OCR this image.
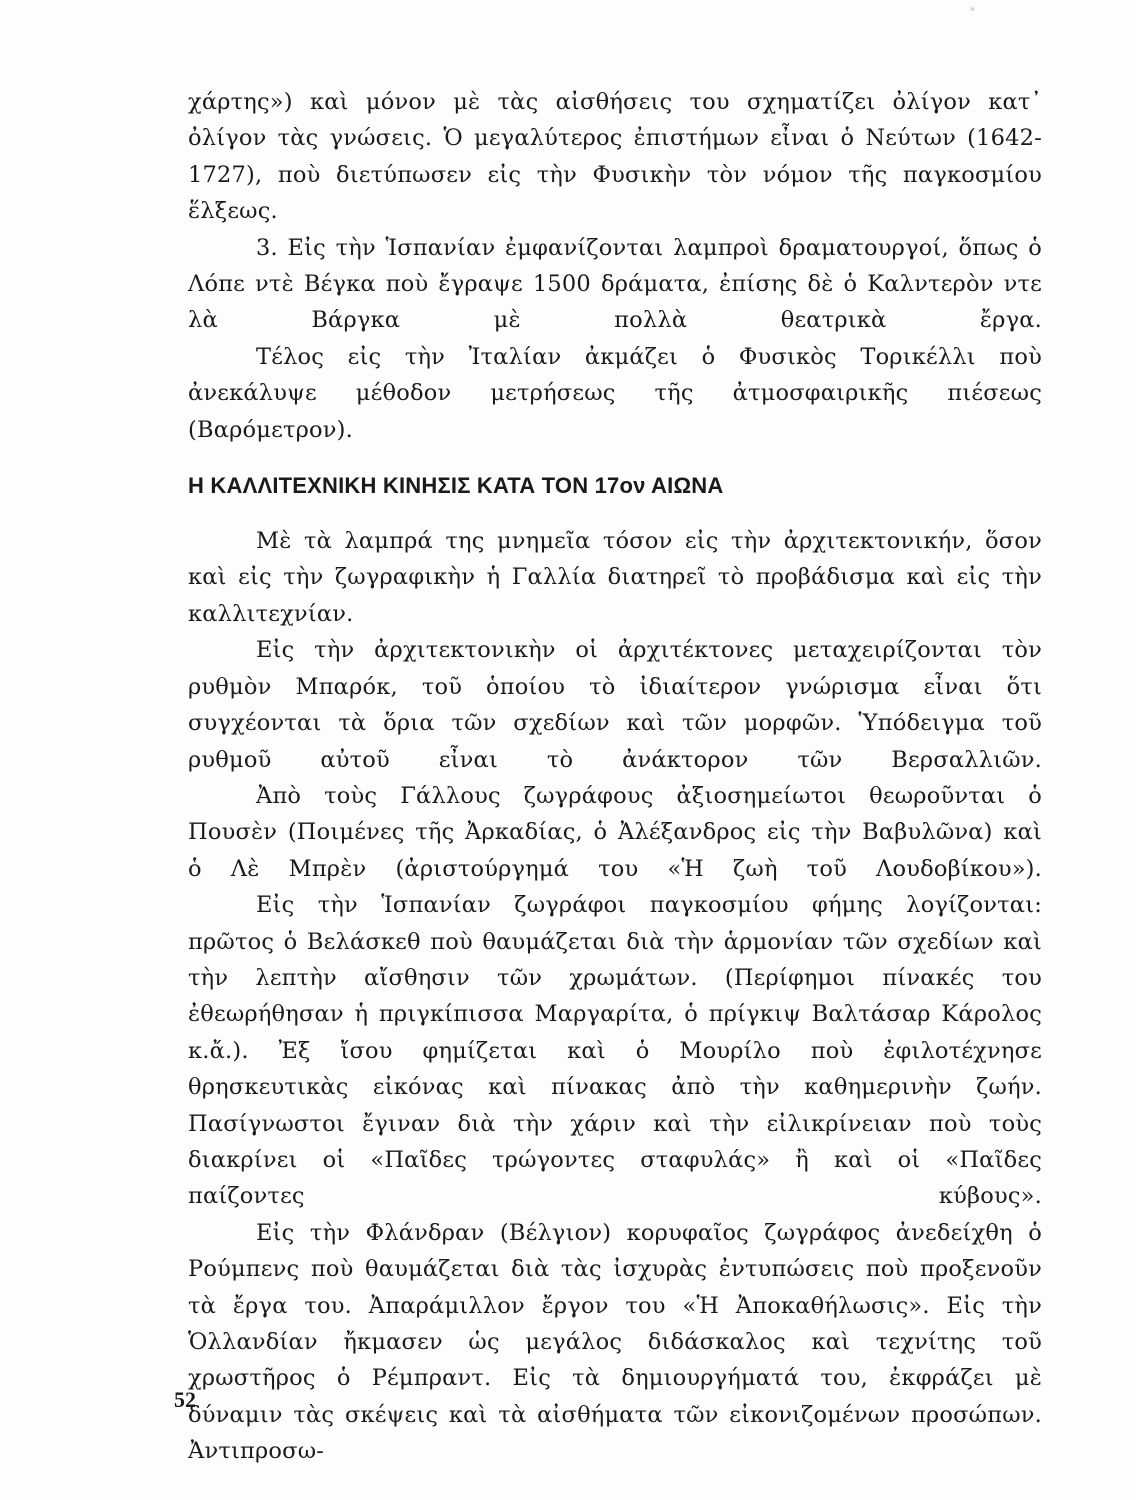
*

χάρτης») καὶ μόνον μὲ τὰς αἰσθήσεις του σχηματίζει ὀλίγον κατ᾿ ὀλίγον τὰς γνώσεις. Ὁ μεγαλύτερος ἐπιστήμων εἶναι ὁ Νεύτων (1642-1727), ποὺ διετύπωσεν εἰς τὴν Φυσικὴν τὸν νόμον τῆς παγκοσμίου ἕλξεως.

3. Εἰς τὴν Ἱσπανίαν ἐμφανίζονται λαμπροὶ δραματουργοί, ὅπως ὁ Λόπε ντὲ Βέγκα ποὺ ἔγραψε 1500 δράματα, ἐπίσης δὲ ὁ Καλντερὸν ντε λὰ Βάργκα μὲ πολλὰ θεατρικὰ ἔργα.

Τέλος εἰς τὴν Ἰταλίαν ἀκμάζει ὁ Φυσικὸς Τορικέλλι ποὺ ἀνεκάλυψε μέθοδον μετρήσεως τῆς ἀτμοσφαιρικῆς πιέσεως (Βαρόμετρον).

Η ΚΑΛΛΙΤΕΧΝΙΚΗ ΚΙΝΗΣΙΣ ΚΑΤΑ ΤΟΝ 17ον ΑΙΩΝΑ

Μὲ τὰ λαμπρά της μνημεῖα τόσον εἰς τὴν ἀρχιτεκτονικήν, ὅσον καὶ εἰς τὴν ζωγραφικὴν ἡ Γαλλία διατηρεῖ τὸ προβάδισμα καὶ εἰς τὴν καλλιτεχνίαν.

Εἰς τὴν ἀρχιτεκτονικὴν οἱ ἀρχιτέκτονες μεταχειρίζονται τὸν ρυθμὸν Μπαρόκ, τοῦ ὁποίου τὸ ἰδιαίτερον γνώρισμα εἶναι ὅτι συγχέονται τὰ ὅρια τῶν σχεδίων καὶ τῶν μορφῶν. Ὑπόδειγμα τοῦ ρυθμοῦ αὐτοῦ εἶναι τὸ ἀνάκτορον τῶν Βερσαλλιῶν.

Ἀπὸ τοὺς Γάλλους ζωγράφους ἀξιοσημείωτοι θεωροῦνται ὁ Πουσὲν (Ποιμένες τῆς Ἀρκαδίας, ὁ Ἀλέξανδρος εἰς τὴν Βαβυλῶνα) καὶ ὁ Λὲ Μπρὲν (ἀριστούργημά του «Ἡ ζωὴ τοῦ Λουδοβίκου»).

Εἰς τὴν Ἱσπανίαν ζωγράφοι παγκοσμίου φήμης λογίζονται: πρῶτος ὁ Βελάσκεθ ποὺ θαυμάζεται διὰ τὴν ἁρμονίαν τῶν σχεδίων καὶ τὴν λεπτὴν αἴσθησιν τῶν χρωμάτων. (Περίφημοι πίνακές του ἐθεωρήθησαν ἡ πριγκίπισσα Μαργαρίτα, ὁ πρίγκιψ Βαλτάσαρ Κάρολος κ.ἄ.). Ἐξ ἴσου φημίζεται καὶ ὁ Μουρίλο ποὺ ἐφιλοτέχνησε θρησκευτικὰς εἰκόνας καὶ πίνακας ἀπὸ τὴν καθημερινὴν ζωήν. Πασίγνωστοι ἔγιναν διὰ τὴν χάριν καὶ τὴν εἰλικρίνειαν ποὺ τοὺς διακρίνει οἱ «Παῖδες τρώγοντες σταφυλάς» ἢ καὶ οἱ «Παῖδες παίζοντες κύβους».

Εἰς τὴν Φλάνδραν (Βέλγιον) κορυφαῖος ζωγράφος ἀνεδείχθη ὁ Ρούμπενς ποὺ θαυμάζεται διὰ τὰς ἰσχυρὰς ἐντυπώσεις ποὺ προξενοῦν τὰ ἔργα του. Ἀπαράμιλλον ἔργον του «Ἡ Ἀποκαθήλωσις». Εἰς τὴν Ὁλλανδίαν ἤκμασεν ὡς μεγάλος διδάσκαλος καὶ τεχνίτης τοῦ χρωστῆρος ὁ Ρέμπραντ. Εἰς τὰ δημιουργήματά του, ἐκφράζει μὲ δύναμιν τὰς σκέψεις καὶ τὰ αἰσθήματα τῶν εἰκονιζομένων προσώπων. Ἀντιπροσω-

52
